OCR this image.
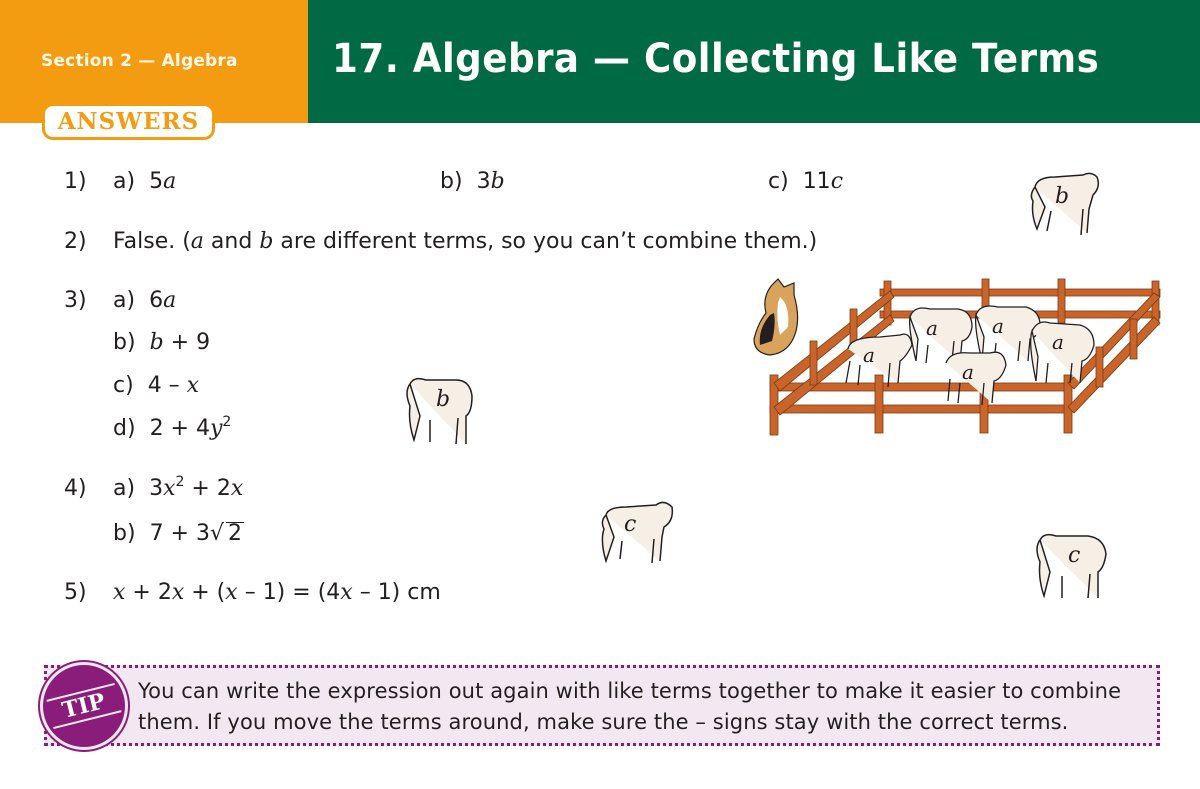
Section 2 — Algebra 17. Algebra — Collecting Like Terms
ANSWERS
1) a) 5a	b) 3b	c) 11c
2) False. (a and b are different terms, so you can’t combine them.)
3) a) 6a
b) b + 9
c) 4 – x
d) $2 + 4y^2$
4) a) $3x^2 + 2x$
b) 7 + 3√ 2
5) x + 2x + (x – 1) = (4x – 1) cm
b
b
c
c
a
a	a
a
a
TIP You can write the expression out again with like terms together to make it easier to combine them. If you move the terms around, make sure the – signs stay with the correct terms.
